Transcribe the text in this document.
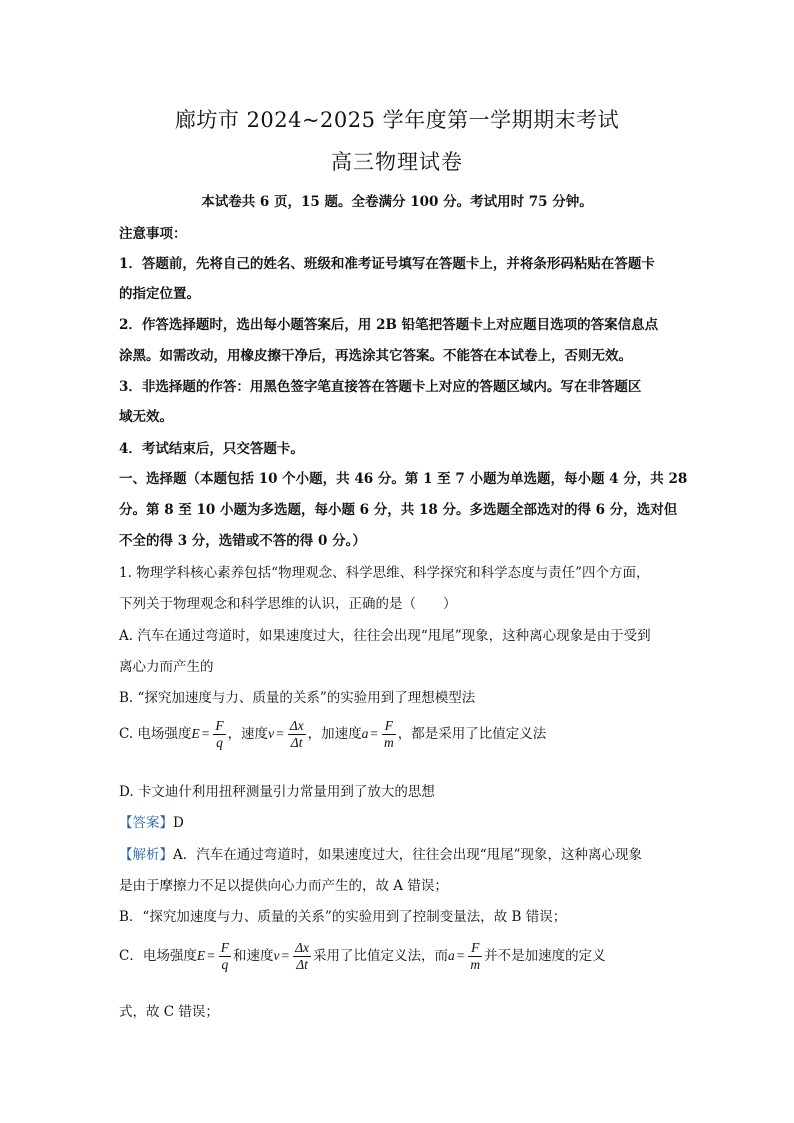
廊坊市 2024~2025 学年度第一学期期末考试
高三物理试卷
本试卷共 6 页，15 题。全卷满分 100 分。考试用时 75 分钟。
注意事项：
1．答题前，先将自己的姓名、班级和准考证号填写在答题卡上，并将条形码粘贴在答题卡
的指定位置。
2．作答选择题时，选出每小题答案后，用 2B 铅笔把答题卡上对应题目选项的答案信息点
涂黑。如需改动，用橡皮擦干净后，再选涂其它答案。不能答在本试卷上，否则无效。
3．非选择题的作答：用黑色签字笔直接答在答题卡上对应的答题区域内。写在非答题区
域无效。
4．考试结束后，只交答题卡。
一、选择题（本题包括 10 个小题，共 46 分。第 1 至 7 小题为单选题，每小题 4 分，共 28
分。第 8 至 10 小题为多选题，每小题 6 分，共 18 分。多选题全部选对的得 6 分，选对但
不全的得 3 分，选错或不答的得 0 分。）
1. 物理学科核心素养包括“物理观念、科学思维、科学探究和科学态度与责任”四个方面，
下列关于物理观念和科学思维的认识，正确的是（　　）
A. 汽车在通过弯道时，如果速度过大，往往会出现“甩尾”现象，这种离心现象是由于受到
离心力而产生的
B. “探究加速度与力、质量的关系”的实验用到了理想模型法
C. 电场强度$E = \frac{F}{q}$ ，速度$v = \frac{\Delta x}{\Delta t}$ ，加速度$a = \frac{F}{m}$ ，都是采用了比值定义法
D. 卡文迪什利用扭秤测量引力常量用到了放大的思想
【答案】D
【解析】A．汽车在通过弯道时，如果速度过大，往往会出现“甩尾”现象，这种离心现象
是由于摩擦力不足以提供向心力而产生的，故 A 错误；
B．“探究加速度与力、质量的关系”的实验用到了控制变量法，故 B 错误；
C．电场强度$E = \frac{F}{q}$ 和速度$v = \frac{\Delta x}{\Delta t}$ 采用了比值定义法，而$a = \frac{F}{m}$ 并不是加速度的定义
式，故 C 错误；
